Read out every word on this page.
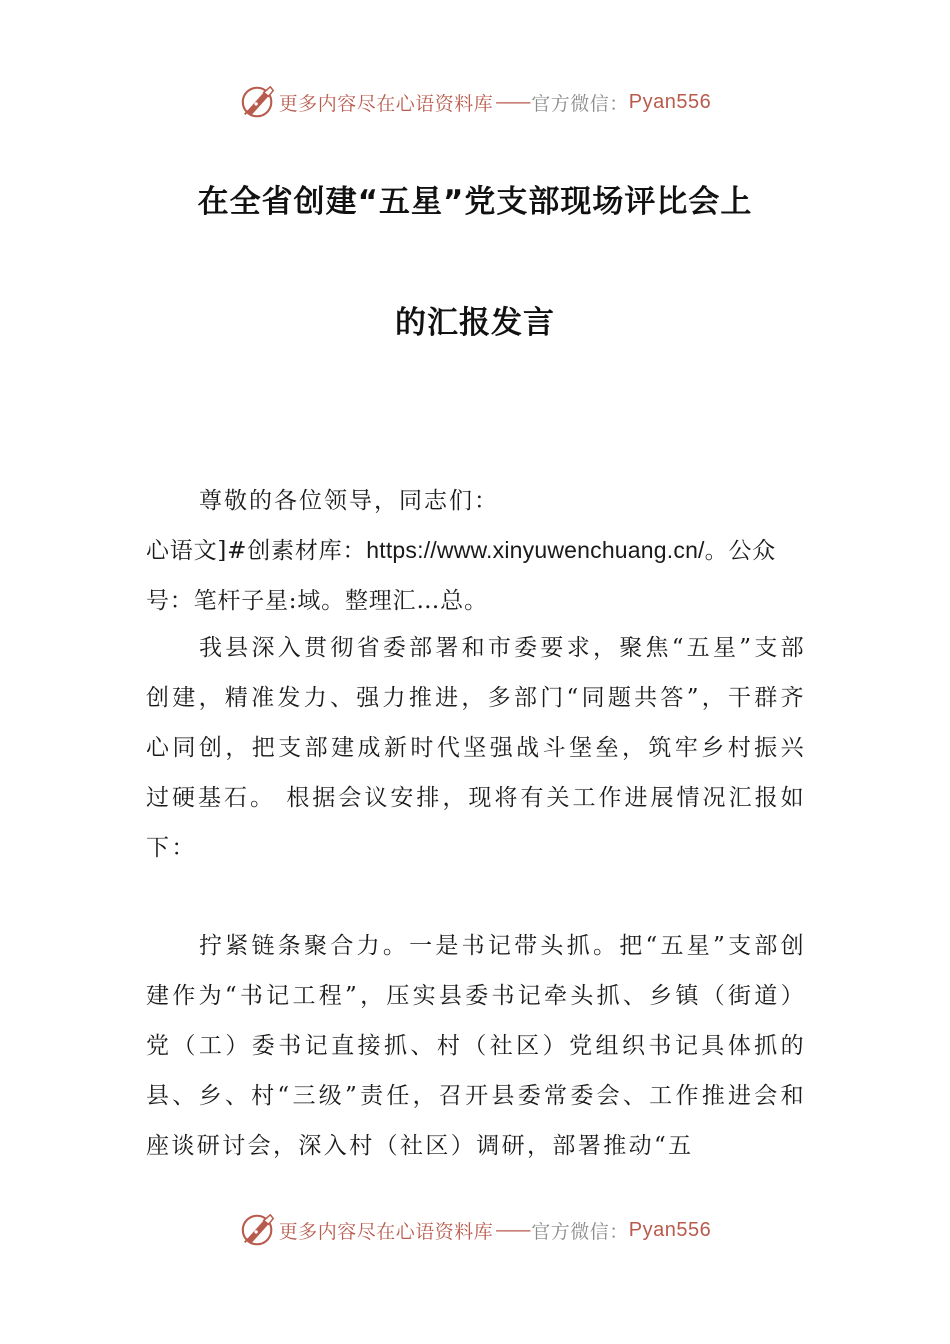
更多内容尽在心语资料库 —— 官方微信 ： Pyan556
在全省创建“五星”党支部现场评比会上
的汇报发言

尊敬的各位领导，同志们：

心语文]#创素材库：https://www.xinyuwenchuang.cn/。公众号：笔杆子星:域。整理汇…总。

我县深入贯彻省委部署和市委要求，聚焦“五星”支部创建，精准发力、强力推进，多部门“同题共答”，干群齐心同创，把支部建成新时代坚强战斗堡垒，筑牢乡村振兴过硬基石。 根据会议安排，现将有关工作进展情况汇报如下：

拧紧链条聚合力。一是书记带头抓。把“五星”支部创建作为“书记工程”，压实县委书记牵头抓、乡镇（街道）党（工）委书记直接抓、村（社区）党组织书记具体抓的县、乡、村“三级”责任，召开县委常委会、工作推进会和座谈研讨会，深入村（社区）调研，部署推动“五

更多内容尽在心语资料库 —— 官方微信 ： Pyan556
